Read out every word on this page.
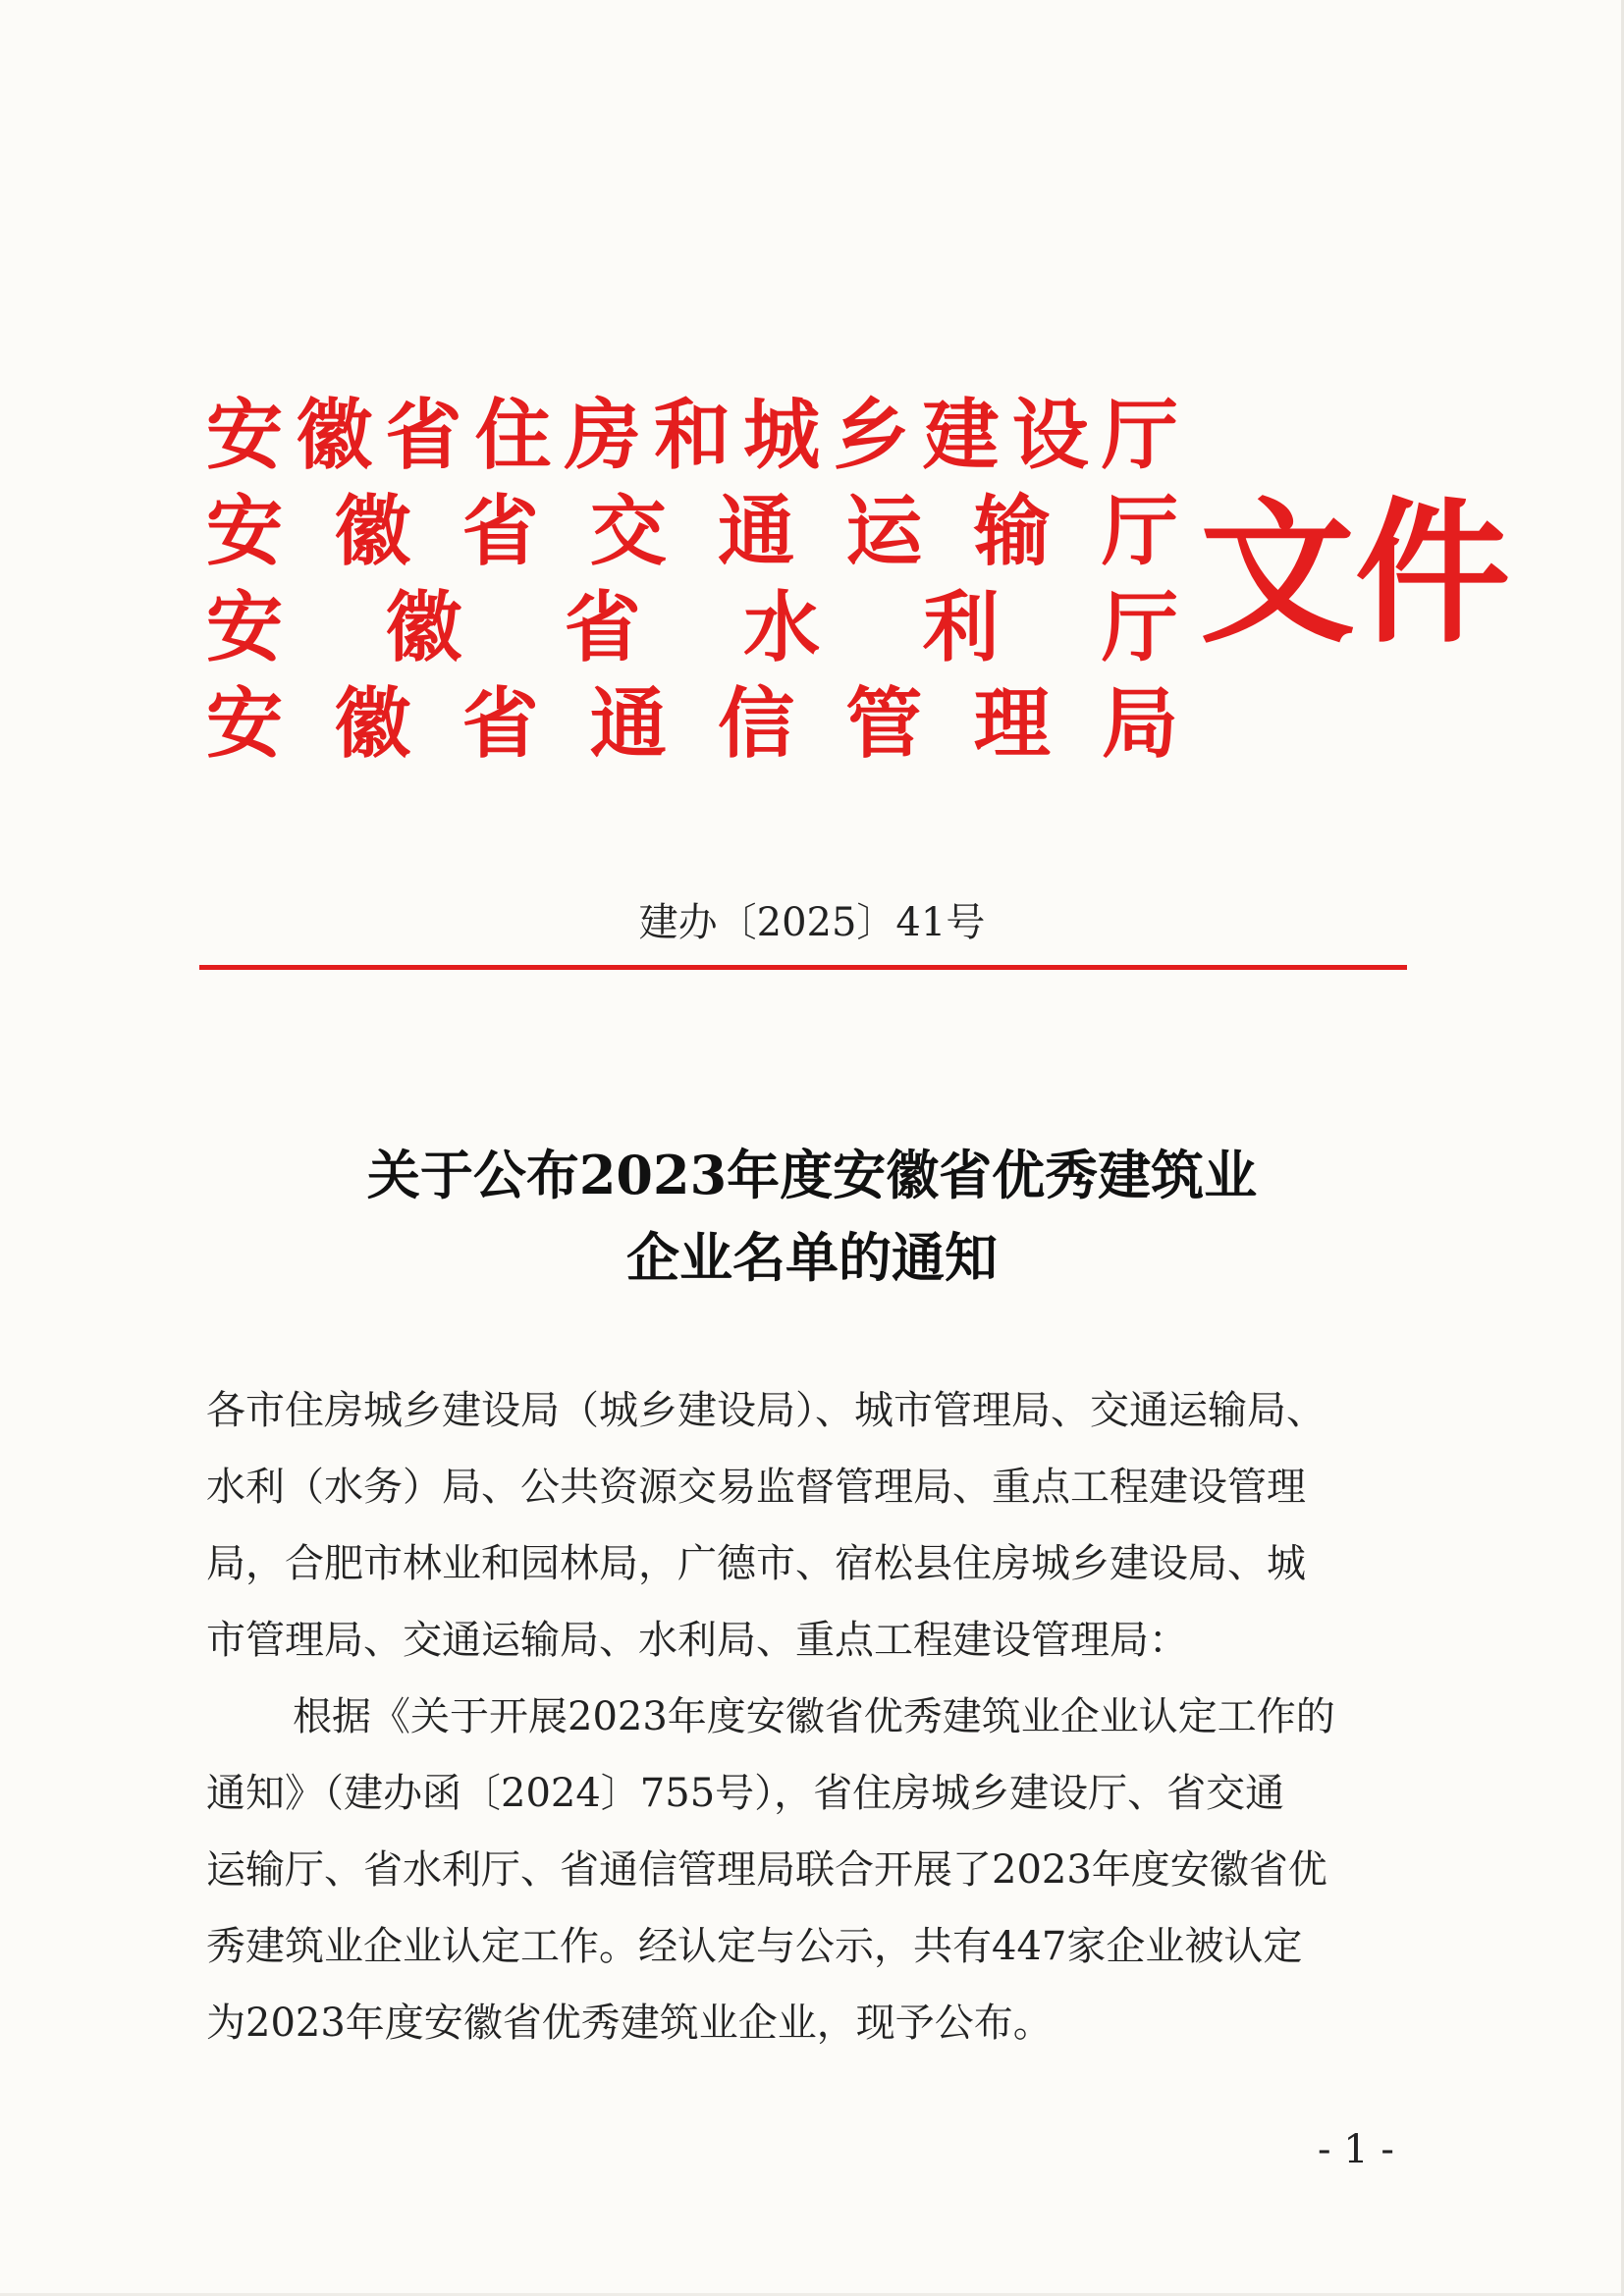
安 徽 省 住 房 和 城 乡 建 设 厅
安 徽 省 交 通 运 输 厅
安 徽 省 水 利 厅
安 徽 省 通 信 管 理 局
文件
建办〔2025〕41号
关于公布2023年度安徽省优秀建筑业
企业名单的通知
各市住房城乡建设局（城乡建设局）、城市管理局、交通运输局、
水利（水务）局、公共资源交易监督管理局、重点工程建设管理
局，合肥市林业和园林局，广德市、宿松县住房城乡建设局、城
市管理局、交通运输局、水利局、重点工程建设管理局：
根据《关于开展2023年度安徽省优秀建筑业企业认定工作的
通知》（建办函〔2024〕755号），省住房城乡建设厅、省交通
运输厅、省水利厅、省通信管理局联合开展了2023年度安徽省优
秀建筑业企业认定工作。经认定与公示，共有447家企业被认定
为2023年度安徽省优秀建筑业企业，现予公布。
- 1 -
